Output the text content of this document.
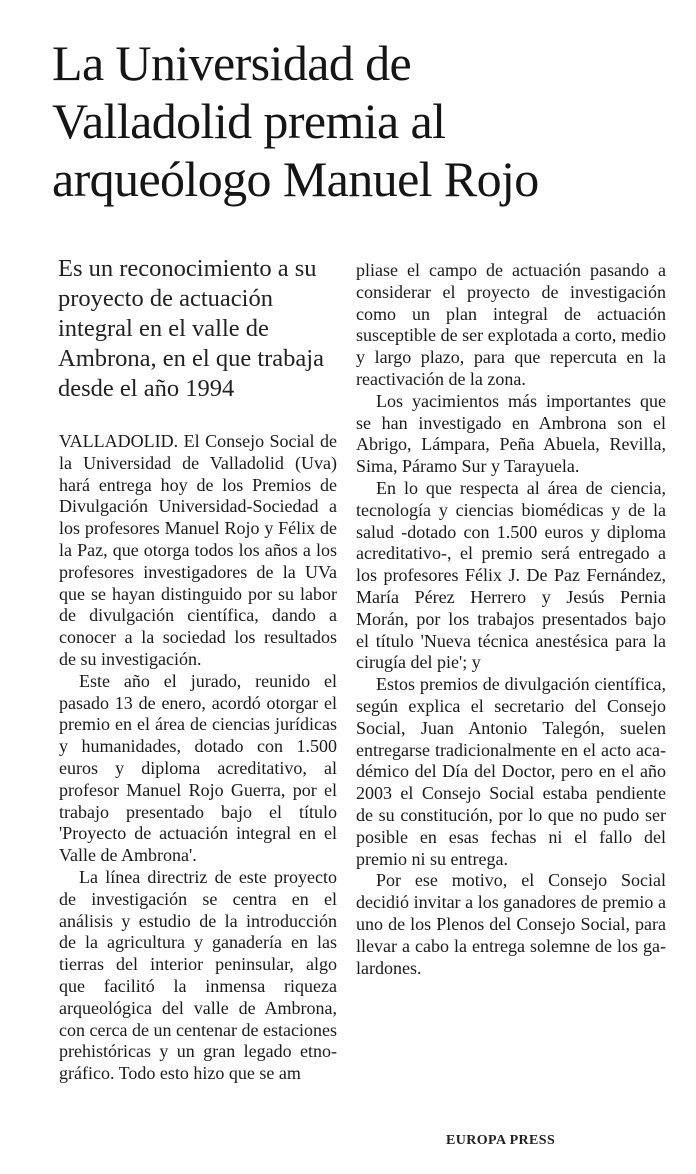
La Universidad de
Valladolid premia al
arqueólogo Manuel Rojo
Es un reconocimiento a su
proyecto de actuación
integral en el valle de
Ambrona, en el que trabaja
desde el año 1994

VALLADOLID. El Consejo Social de la Universidad de Valladolid (Uva) hará entrega hoy de los Premios de Divulgación Universidad-Sociedad a los profesores Manuel Rojo y Félix de la Paz, que otorga todos los años a los profesores investigadores de la UVa que se hayan distinguido por su labor de divulgación científica, dando a conocer a la sociedad los resultados de su investigación.

Este año el jurado, reunido el pasado 13 de enero, acordó otorgar el premio en el área de ciencias jurídicas y humanidades, dotado con 1.500 euros y diploma acreditativo, al profesor Manuel Rojo Guerra, por el trabajo presentado bajo el título 'Proyecto de actuación integral en el Valle de Ambrona'.

La línea directriz de este proyecto de investigación se centra en el análisis y estudio de la introducción de la agricultura y ganadería en las tierras del interior peninsular, algo que facilitó la inmensa riqueza arqueológica del valle de Ambrona, con cerca de un centenar de estaciones prehistóricas y un gran legado etnográfico. Todo esto hizo que se am

pliase el campo de actuación pasando a considerar el proyecto de investigación como un plan integral de actuación susceptible de ser explotada a corto, medio y largo plazo, para que repercuta en la reactivación de la zona.

Los yacimientos más importantes que se han investigado en Ambrona son el Abrigo, Lámpara, Peña Abuela, Revilla, Sima, Páramo Sur y Tarayuela.

En lo que respecta al área de ciencia, tecnología y ciencias biomédicas y de la salud -dotado con 1.500 euros y diploma acreditativo-, el premio será entregado a los profesores Félix J. De Paz Fernández, María Pérez Herrero y Jesús Pernia Morán, por los trabajos presentados bajo el título 'Nueva técnica anestésica para la cirugía del pie'; y

Estos premios de divulgación científica, según explica el secretario del Consejo Social, Juan Antonio Talegón, suelen entregarse tradicionalmente en el acto académico del Día del Doctor, pero en el año 2003 el Consejo Social estaba pendiente de su constitución, por lo que no pudo ser posible en esas fechas ni el fallo del premio ni su entrega.

Por ese motivo, el Consejo Social decidió invitar a los ganadores de premio a uno de los Plenos del Consejo Social, para llevar a cabo la entrega solemne de los galardones.

EUROPA PRESS
